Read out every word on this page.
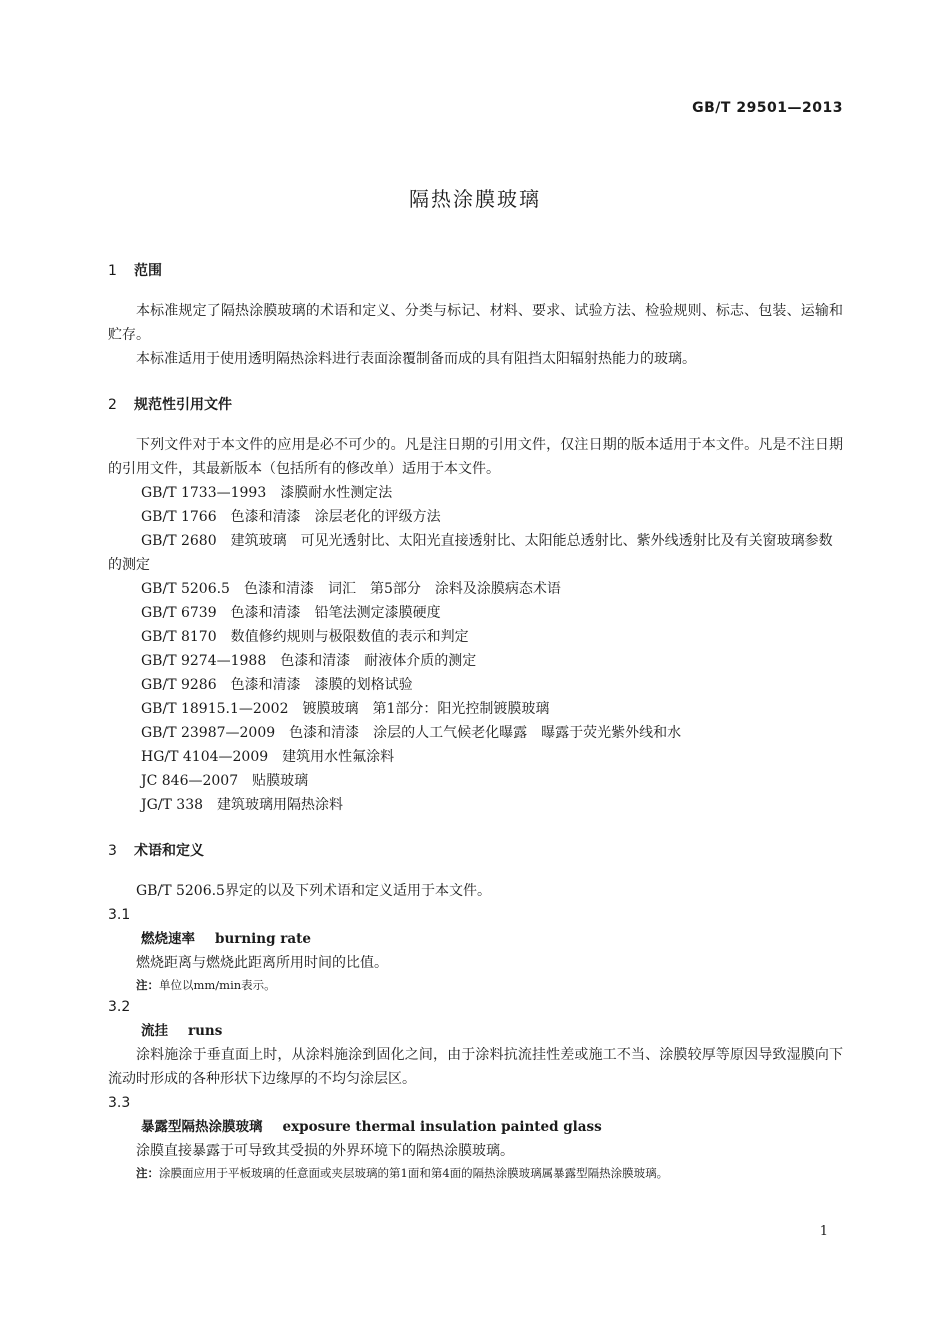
GB/T 29501—2013
隔热涂膜玻璃
1 范围
本标准规定了隔热涂膜玻璃的术语和定义、分类与标记、材料、要求、试验方法、检验规则、标志、包装、运输和贮存。
本标准适用于使用透明隔热涂料进行表面涂覆制备而成的具有阻挡太阳辐射热能力的玻璃。
2 规范性引用文件
下列文件对于本文件的应用是必不可少的。凡是注日期的引用文件，仅注日期的版本适用于本文件。凡是不注日期的引用文件，其最新版本（包括所有的修改单）适用于本文件。
GB/T 1733—1993　漆膜耐水性测定法
GB/T 1766　色漆和清漆　涂层老化的评级方法
GB/T 2680　建筑玻璃　可见光透射比、太阳光直接透射比、太阳能总透射比、紫外线透射比及有关窗玻璃参数的测定
GB/T 5206.5　色漆和清漆　词汇　第5部分　涂料及涂膜病态术语
GB/T 6739　色漆和清漆　铅笔法测定漆膜硬度
GB/T 8170　数值修约规则与极限数值的表示和判定
GB/T 9274—1988　色漆和清漆　耐液体介质的测定
GB/T 9286　色漆和清漆　漆膜的划格试验
GB/T 18915.1—2002　镀膜玻璃　第1部分：阳光控制镀膜玻璃
GB/T 23987—2009　色漆和清漆　涂层的人工气候老化曝露　曝露于荧光紫外线和水
HG/T 4104—2009　建筑用水性氟涂料
JC 846—2007　贴膜玻璃
JG/T 338　建筑玻璃用隔热涂料
3 术语和定义
GB/T 5206.5界定的以及下列术语和定义适用于本文件。
3.1
燃烧速率 burning rate
燃烧距离与燃烧此距离所用时间的比值。
注：单位以mm/min表示。
3.2
流挂 runs
涂料施涂于垂直面上时，从涂料施涂到固化之间，由于涂料抗流挂性差或施工不当、涂膜较厚等原因导致湿膜向下流动时形成的各种形状下边缘厚的不均匀涂层区。
3.3
暴露型隔热涂膜玻璃 exposure thermal insulation painted glass
涂膜直接暴露于可导致其受损的外界环境下的隔热涂膜玻璃。
注：涂膜面应用于平板玻璃的任意面或夹层玻璃的第1面和第4面的隔热涂膜玻璃属暴露型隔热涂膜玻璃。
1
